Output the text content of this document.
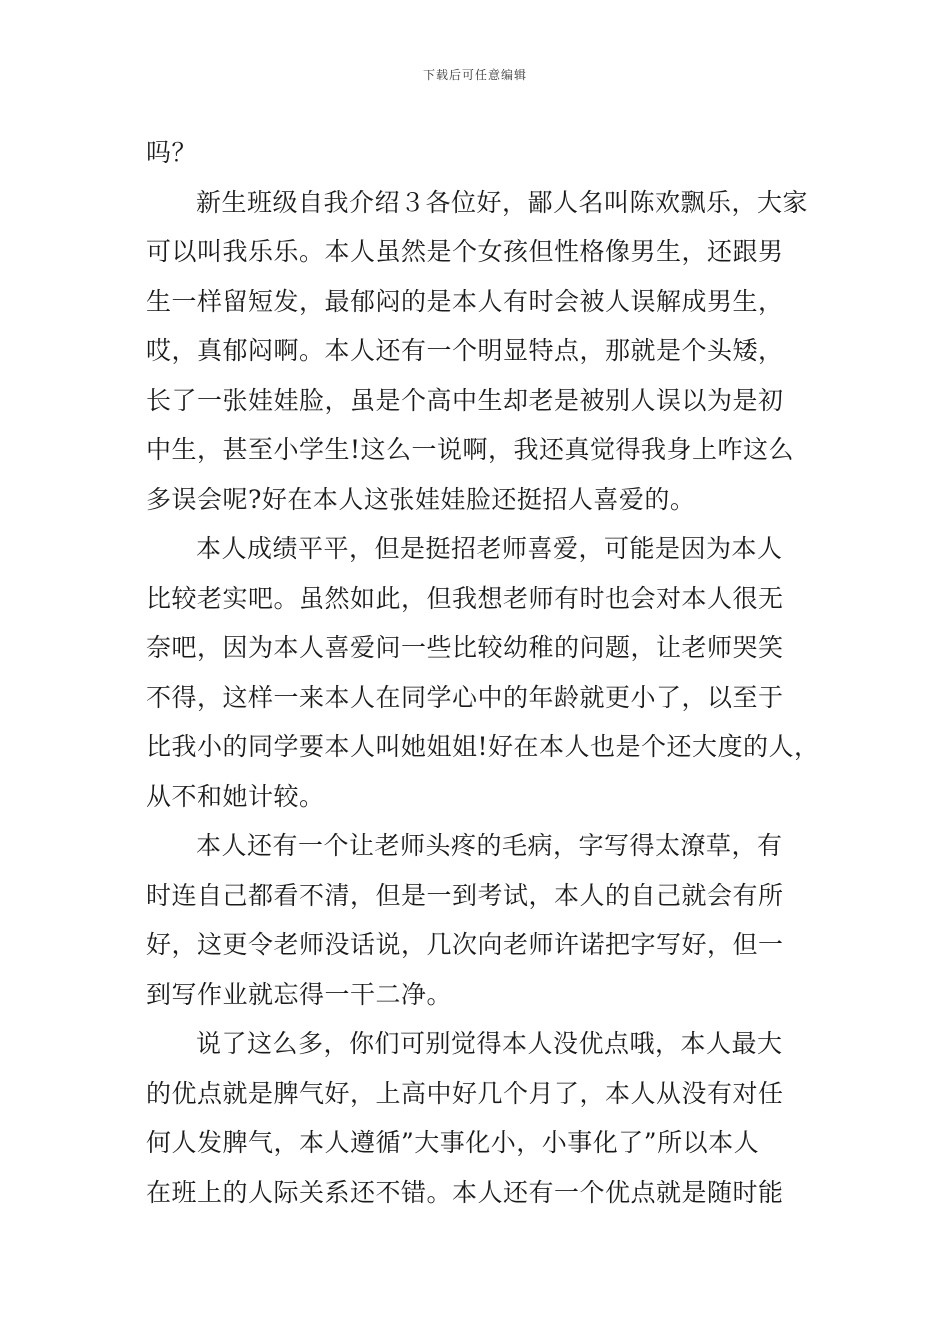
下载后可任意编辑
吗？
新生班级自我介绍３各位好，鄙人名叫陈欢飘乐，大家
可以叫我乐乐。本人虽然是个女孩但性格像男生，还跟男
生一样留短发，最郁闷的是本人有时会被人误解成男生，
哎，真郁闷啊。本人还有一个明显特点，那就是个头矮，
长了一张娃娃脸，虽是个高中生却老是被别人误以为是初
中生，甚至小学生!这么一说啊，我还真觉得我身上咋这么
多误会呢?好在本人这张娃娃脸还挺招人喜爱的。
本人成绩平平，但是挺招老师喜爱，可能是因为本人
比较老实吧。虽然如此，但我想老师有时也会对本人很无
奈吧，因为本人喜爱问一些比较幼稚的问题，让老师哭笑
不得，这样一来本人在同学心中的年龄就更小了，以至于
比我小的同学要本人叫她姐姐!好在本人也是个还大度的人，
从不和她计较。
本人还有一个让老师头疼的毛病，字写得太潦草，有
时连自己都看不清，但是一到考试，本人的自己就会有所
好，这更令老师没话说，几次向老师许诺把字写好，但一
到写作业就忘得一干二净。
说了这么多，你们可别觉得本人没优点哦，本人最大
的优点就是脾气好，上高中好几个月了，本人从没有对任
何人发脾气，本人遵循”大事化小，小事化了”所以本人
在班上的人际关系还不错。本人还有一个优点就是随时能
